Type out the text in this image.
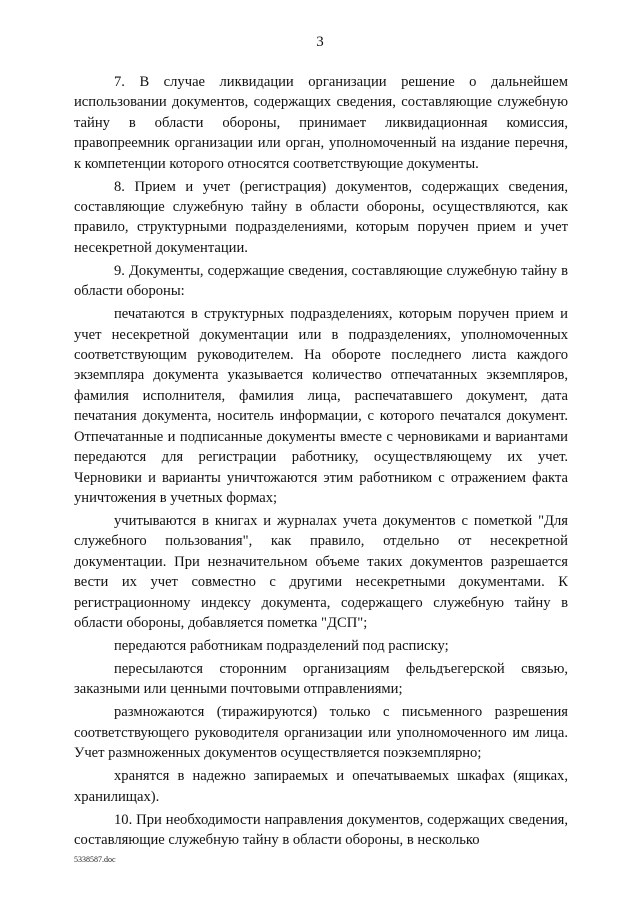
3

7. В случае ликвидации организации решение о дальнейшем использовании документов, содержащих сведения, составляющие служебную тайну в области обороны, принимает ликвидационная комиссия, правопреемник организации или орган, уполномоченный на издание перечня, к компетенции которого относятся соответствующие документы.

8. Прием и учет (регистрация) документов, содержащих сведения, составляющие служебную тайну в области обороны, осуществляются, как правило, структурными подразделениями, которым поручен прием и учет несекретной документации.

9. Документы, содержащие сведения, составляющие служебную тайну в области обороны:

печатаются в структурных подразделениях, которым поручен прием и учет несекретной документации или в подразделениях, уполномоченных соответствующим руководителем. На обороте последнего листа каждого экземпляра документа указывается количество отпечатанных экземпляров, фамилия исполнителя, фамилия лица, распечатавшего документ, дата печатания документа, носитель информации, с которого печатался документ. Отпечатанные и подписанные документы вместе с черновиками и вариантами передаются для регистрации работнику, осуществляющему их учет. Черновики и варианты уничтожаются этим работником с отражением факта уничтожения в учетных формах;

учитываются в книгах и журналах учета документов с пометкой "Для служебного пользования", как правило, отдельно от несекретной документации. При незначительном объеме таких документов разрешается вести их учет совместно с другими несекретными документами. К регистрационному индексу документа, содержащего служебную тайну в области обороны, добавляется пометка "ДСП";

передаются работникам подразделений под расписку;

пересылаются сторонним организациям фельдъегерской связью, заказными или ценными почтовыми отправлениями;

размножаются (тиражируются) только с письменного разрешения соответствующего руководителя организации или уполномоченного им лица. Учет размноженных документов осуществляется поэкземплярно;

хранятся в надежно запираемых и опечатываемых шкафах (ящиках, хранилищах).

10. При необходимости направления документов, содержащих сведения, составляющие служебную тайну в области обороны, в несколько

5338587.doc
